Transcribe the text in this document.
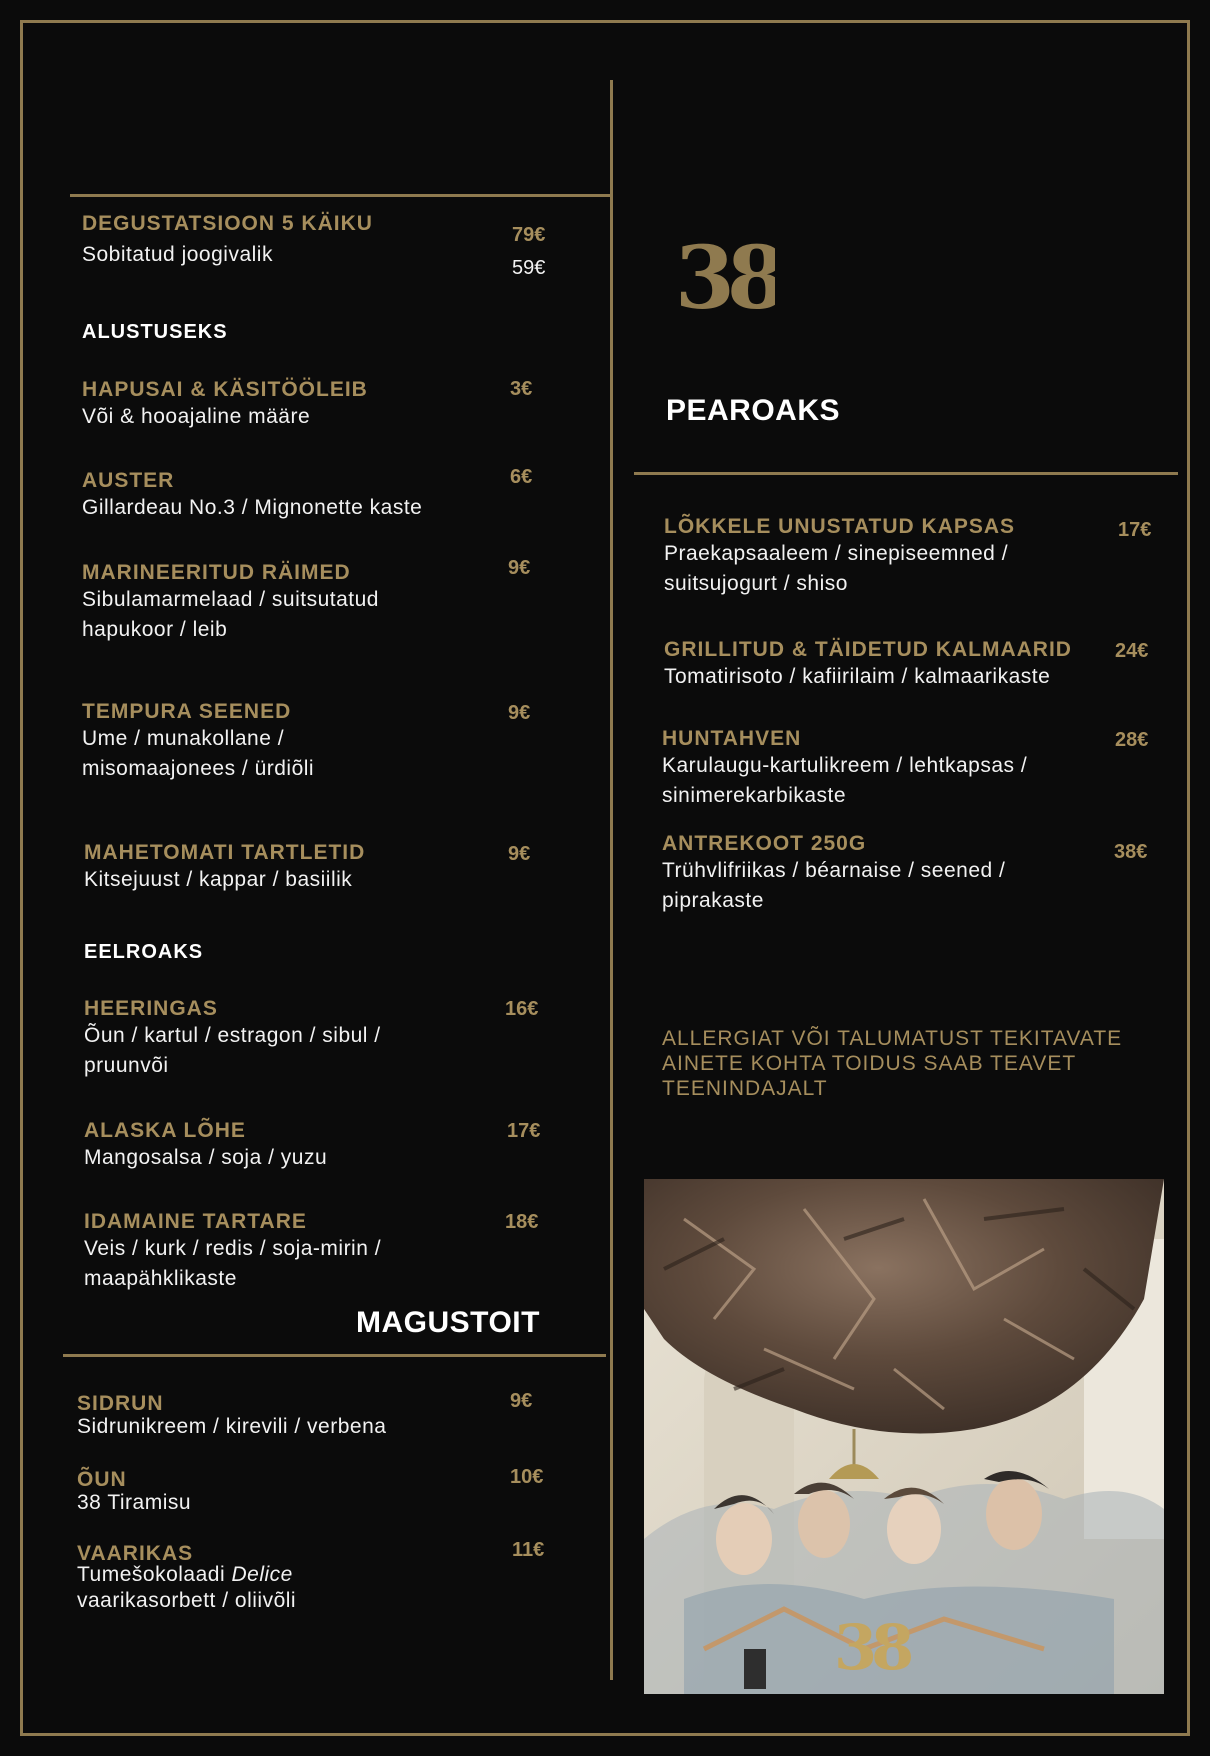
DEGUSTATSIOON 5 KÄIKU
Sobitatud joogivalik
79€
59€
ALUSTUSEKS
HAPUSAI & KÄSITÖÖLEIB
Või & hooajaline määre
3€
AUSTER
Gillardeau No.3 / Mignonette kaste
6€
MARINEERITUD RÄIMED
Sibulamarmelaad / suitsutatud
hapukoor / leib
9€
TEMPURA SEENED
Ume / munakollane /
misomaajonees / ürdiõli
9€
MAHETOMATI TARTLETID
Kitsejuust / kappar / basiilik
9€
EELROAKS
HEERINGAS
Õun / kartul / estragon / sibul /
pruunvõi
16€
ALASKA LÕHE
Mangosalsa / soja / yuzu
17€
IDAMAINE TARTARE
Veis / kurk / redis / soja-mirin /
maapähklikaste
18€
MAGUSTOIT
SIDRUN
Sidrunikreem / kirevili / verbena
9€
ÕUN
38 Tiramisu
10€
VAARIKAS
Tumešokolaadi Delice
vaarikasorbett / oliivõli
11€
38
PEAROAKS
LÕKKELE UNUSTATUD KAPSAS
Praekapsaaleem / sinepiseemned /
suitsujogurt / shiso
17€
GRILLITUD & TÄIDETUD KALMAARID
Tomatirisoto / kafiirilaim / kalmaarikaste
24€
HUNTAHVEN
Karulaugu-kartulikreem / lehtkapsas /
sinimerekarbikaste
28€
ANTREKOOT 250G
Trühvlifriikas / béarnaise / seened /
piprakaste
38€
ALLERGIAT VÕI TALUMATUST TEKITAVATE
AINETE KOHTA TOIDUS SAAB TEAVET
TEENINDAJALT
38
